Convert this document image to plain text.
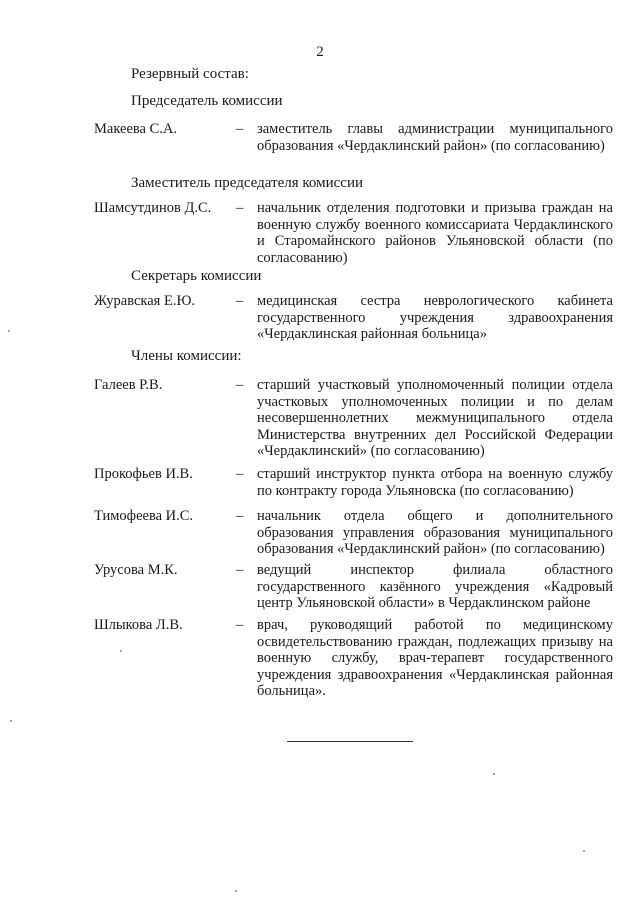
2
Резервный состав:
Председатель комиссии
Макеева С.А.	– заместитель главы администрации муниципального образования «Чердаклинский район» (по согласованию)
Заместитель председателя комиссии
Шамсутдинов Д.С. – начальник отделения подготовки и призыва граждан на военную службу военного комиссариата Чердаклинского и Старомайнского районов Ульяновской области (по согласованию)
Секретарь комиссии
Журавская Е.Ю.	– медицинская сестра неврологического кабинета государственного учреждения здравоохранения «Чердаклинская районная больница»
Члены комиссии:
Галеев Р.В.	– старший участковый уполномоченный полиции отдела участковых уполномоченных полиции и по делам несовершеннолетних межмуниципального отдела Министерства внутренних дел Российской Федерации «Чердаклинский» (по согласованию)
Прокофьев И.В.	– старший инструктор пункта отбора на военную службу по контракту города Ульяновска (по согласованию)
Тимофеева И.С.	– начальник отдела общего и дополнительного образования управления образования муниципального образования «Чердаклинский район» (по согласованию)
Урусова М.К.	– ведущий инспектор филиала областного государственного казённого учреждения «Кадровый центр Ульяновской области» в Чердаклинском районе
Шлыкова Л.В.	– врач, руководящий работой по медицинскому освидетельствованию граждан, подлежащих призыву на военную службу, врач-терапевт государственного учреждения здравоохранения «Чердаклинская районная больница».
